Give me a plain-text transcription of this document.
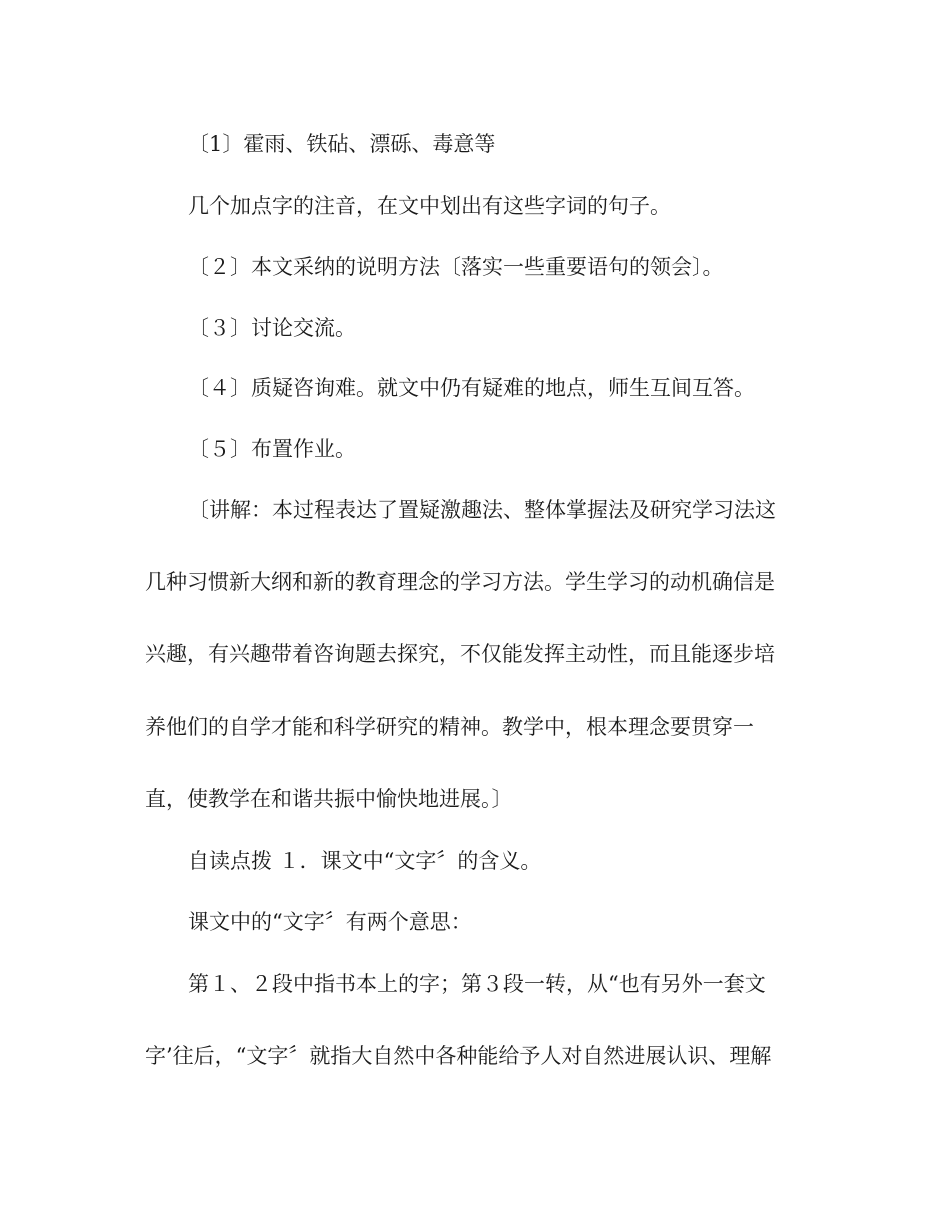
〔1〕霍雨、铁砧、漂砾、毒意等
几个加点字的注音，在文中划出有这些字词的句子。
〔２〕本文采纳的说明方法〔落实一些重要语句的领会〕。
〔３〕讨论交流。
〔４〕质疑咨询难。就文中仍有疑难的地点，师生互间互答。
〔５〕布置作业。
〔讲解：本过程表达了置疑激趣法、整体掌握法及研究学习法这
几种习惯新大纲和新的教育理念的学习方法。学生学习的动机确信是
兴趣，有兴趣带着咨询题去探究，不仅能发挥主动性，而且能逐步培
养他们的自学才能和科学研究的精神。教学中，根本理念要贯穿一
直，使教学在和谐共振中愉快地进展。〕
自读点拨 １．课文中“文字〞的含义。
课文中的“文字〞有两个意思：
第１、２段中指书本上的字；第３段一转，从“也有另外一套文
字’往后，“文字〞就指大自然中各种能给予人对自然进展认识、理解
